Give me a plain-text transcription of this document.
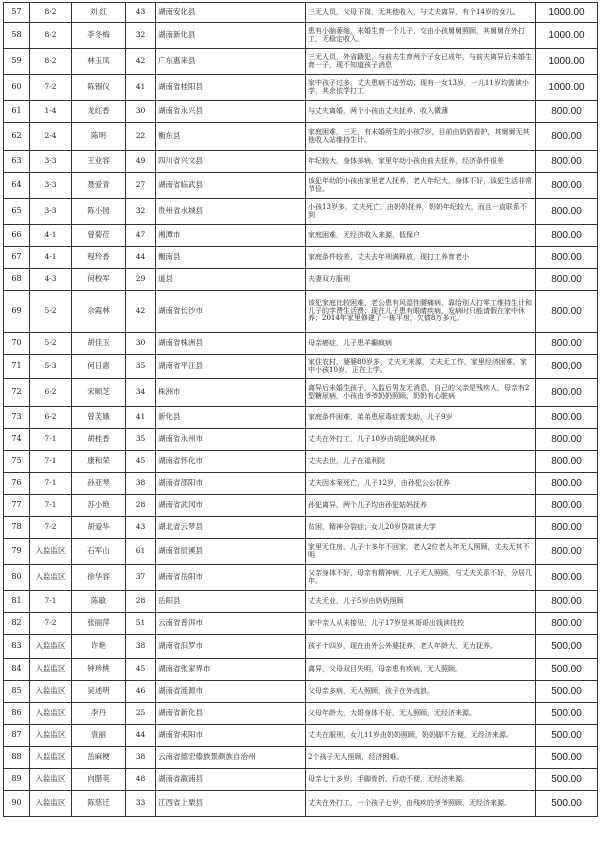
57	8-2	刘 红	43	湖南安化县	三无人员，父母下岗，无其他收入，与丈夫离异，有个14岁的女儿。	1000.00
58	8-2	李冬梅	32	湖南新化县	患有小脑萎缩，未婚生育一个儿子，交由小孩舅舅照顾，其舅舅在外打工，无稳定收入。	1000.00
59	8-2	林玉凤	42	广东惠来县	三无人员，外省籍犯，与前夫生育两个子女已成年，与前夫离异后未婚生育一子，现不知道孩子消息	1000.00
60	7-2	陈锡仪	41	湖南省桂阳县	家中孩子过多，丈夫患病不适劳动；现有一女13岁，一儿11岁均需读小学，其余依学打工	1000.00
61	1-4	龙红香	30	湖南省永兴县	与丈夫离婚，两个小孩由丈夫抚养，收入微薄	800.00
62	2-4	陈明	22	衡东县	家庭困难，三无，有未婚所生的小孩7岁，目前由奶奶看护，其舅舅无其他收入站维持生计。	800.00
63	3-3	王业容	49	四川省兴文县	年纪较大，身体多病，家里年幼小孩由前夫抚养，经济条件很差	800.00
64	3-3	聂爱青	27	湖南省临武县	该犯年幼的小孩由家里老人抚养，老人年纪大，身体不好，该犯生活非常节俭。	800.00
65	3-3	陈小园	32	贵州省水城县	小孩13岁多，丈夫死亡，由奶奶抚养，奶奶年纪较大，而且一直联系不到	800.00
66	4-1	曾菊莅	47	湘潭市	家庭困难，无经济收入来源，低保户	800.00
67	4-1	程玲香	44	衡南县	家庭条件较差，丈夫去年刑满释放，现打工养育老小	800.00
68	4-3	何校军	29	道县	夫妻双方服刑	800.00
69	5-2	佘霞林	42	湖南省长沙市	该犯家庭比较困难，老公患有风湿性腰痛病，靠给别人打零工维持生计和儿子的学费生活费；现在儿子患有眼睛疾病，发病时只能请假在家中休养；2014年家里修建了一栋平房，欠债8万多元。	800.00
70	5-2	胡佳玉	30	湖南省株洲县	母亲癌症，儿子患羊癫疯病	800.00
71	5-3	何日惠	35	湖南省平江县	家住农村，婆婆80岁多，丈夫无来源，丈夫无工作，家里经济困难，家中小孩10岁，正在上学。	800.00
72	6-2	宋顺芝	34	株洲市	离异后未婚生孩子，入监后男友无消息，自己的父亲是残疾人，母亲有2型糖尿病，小孩由爷爷奶奶照顾，奶奶有心脏病	800.00
73	6-2	曾芙娥	41	新化县	家庭条件困难，弟弟患尿毒症需支助，儿子9岁	800.00
74	7-1	胡桂香	35	湖南省永州市	丈夫在外打工，儿子10岁由胡犯姨妈抚养	800.00
75	7-1	康和荣	45	湖南省怀化市	丈夫去世，儿子在福利院	800.00
76	7-1	孙亚琴	38	湖南省邵阳市	丈夫因本案死亡，儿子12岁，由孙犯公公抚养	800.00
77	7-1	苏小艳	28	湖南省武冈市	孙犯离异，两个儿子均由孙犯姑妈抚养	800.00
78	7-2	胡爱华	43	湖北省云梦县	贫困，精神分裂症；女儿20岁贷款读大学	800.00
79	入监监区	石军山	61	湖南省辰溪县	家里无住房，儿子十多年不回家，老人2位老人年无人照顾，丈夫无其不明	800.00
80	入监监区	徐华容	37	湖南省岳阳市	父亲身体不好，母亲有精神病，儿子无人照顾，与丈夫关系不好，分居几年。	800.00
81	7-1	陈敏	28	岳阳县	丈夫无业，儿子5岁由奶奶照顾	800.00
82	7-2	张丽萍	51	云南省普洱市	家中亲人从未接见，儿子17岁是其哥哥出钱读技校	800.00
83	入监监区	许艳	38	湖南省汨罗市	孩子十四岁，现在由外公外婆抚养，老人年龄大，无力抚养。	500.00
84	入监监区	钟珍桃	45	湖南省张家界市	离异，父母双目失明，母亲患有疾病，无人照顾。	500.00
85	入监监区	吴述明	46	湖南省涟源市	父母亲多病，无人照顾，孩子在外流浪。	500.00
86	入监监区	李丹	25	湖南省新化县	父母年龄大，大哥身体不好，无人照顾，无经济来源。	500.00
87	入监监区	袁丽	44	湖南省耒阳市	丈夫在服刑，女儿11岁由奶奶照顾，奶奶脚不方便，无经济来源。	500.00
88	入监监区	岳麻梗	38	云南省德宏傣族景颇族自治州	2个孩子无人照顾，经济困难。	500.00
89	入监监区	向腊英	48	湖南省溆浦县	母亲七十多岁，手脚骨折，行动不便，无经济来源。	500.00
90	入监监区	陈慈迁	33	江西省上栗县	丈夫在外打工，一个孩子七岁，由残疾的爷爷照顾，无经济来源。	500.00
